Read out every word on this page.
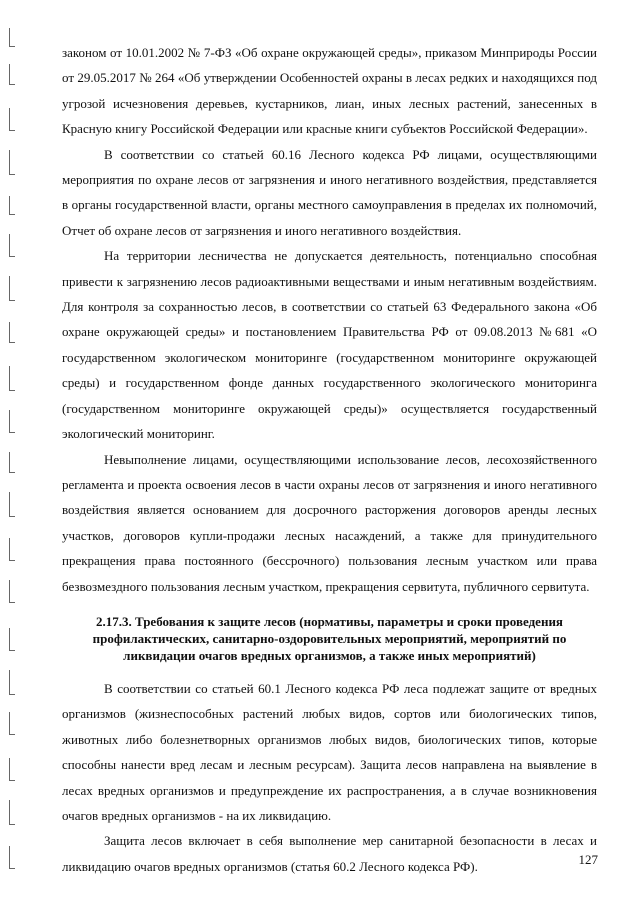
законом от 10.01.2002 № 7-ФЗ «Об охране окружающей среды», приказом Минприроды России от 29.05.2017 № 264 «Об утверждении Особенностей охраны в лесах редких и находящихся под угрозой исчезновения деревьев, кустарников, лиан, иных лесных растений, занесенных в Красную книгу Российской Федерации или красные книги субъектов Российской Федерации».

В соответствии со статьей 60.16 Лесного кодекса РФ лицами, осуществляющими мероприятия по охране лесов от загрязнения и иного негативного воздействия, представляется в органы государственной власти, органы местного самоуправления в пределах их полномочий, Отчет об охране лесов от загрязнения и иного негативного воздействия.

На территории лесничества не допускается деятельность, потенциально способная привести к загрязнению лесов радиоактивными веществами и иным негативным воздействиям. Для контроля за сохранностью лесов, в соответствии со статьей 63 Федерального закона «Об охране окружающей среды» и постановлением Правительства РФ от 09.08.2013 №681 «О государственном экологическом мониторинге (государственном мониторинге окружающей среды) и государственном фонде данных государственного экологического мониторинга (государственном мониторинге окружающей среды)» осуществляется государственный экологический мониторинг.

Невыполнение лицами, осуществляющими использование лесов, лесохозяйственного регламента и проекта освоения лесов в части охраны лесов от загрязнения и иного негативного воздействия является основанием для досрочного расторжения договоров аренды лесных участков, договоров купли-продажи лесных насаждений, а также для принудительного прекращения права постоянного (бессрочного) пользования лесным участком или права безвозмездного пользования лесным участком, прекращения сервитута, публичного сервитута.

2.17.3. Требования к защите лесов (нормативы, параметры и сроки проведения профилактических, санитарно-оздоровительных мероприятий, мероприятий по ликвидации очагов вредных организмов, а также иных мероприятий)

В соответствии со статьей 60.1 Лесного кодекса РФ леса подлежат защите от вредных организмов (жизнеспособных растений любых видов, сортов или биологических типов, животных либо болезнетворных организмов любых видов, биологических типов, которые способны нанести вред лесам и лесным ресурсам). Защита лесов направлена на выявление в лесах вредных организмов и предупреждение их распространения, а в случае возникновения очагов вредных организмов - на их ликвидацию.

Защита лесов включает в себя выполнение мер санитарной безопасности в лесах и ликвидацию очагов вредных организмов (статья 60.2 Лесного кодекса РФ).	127
